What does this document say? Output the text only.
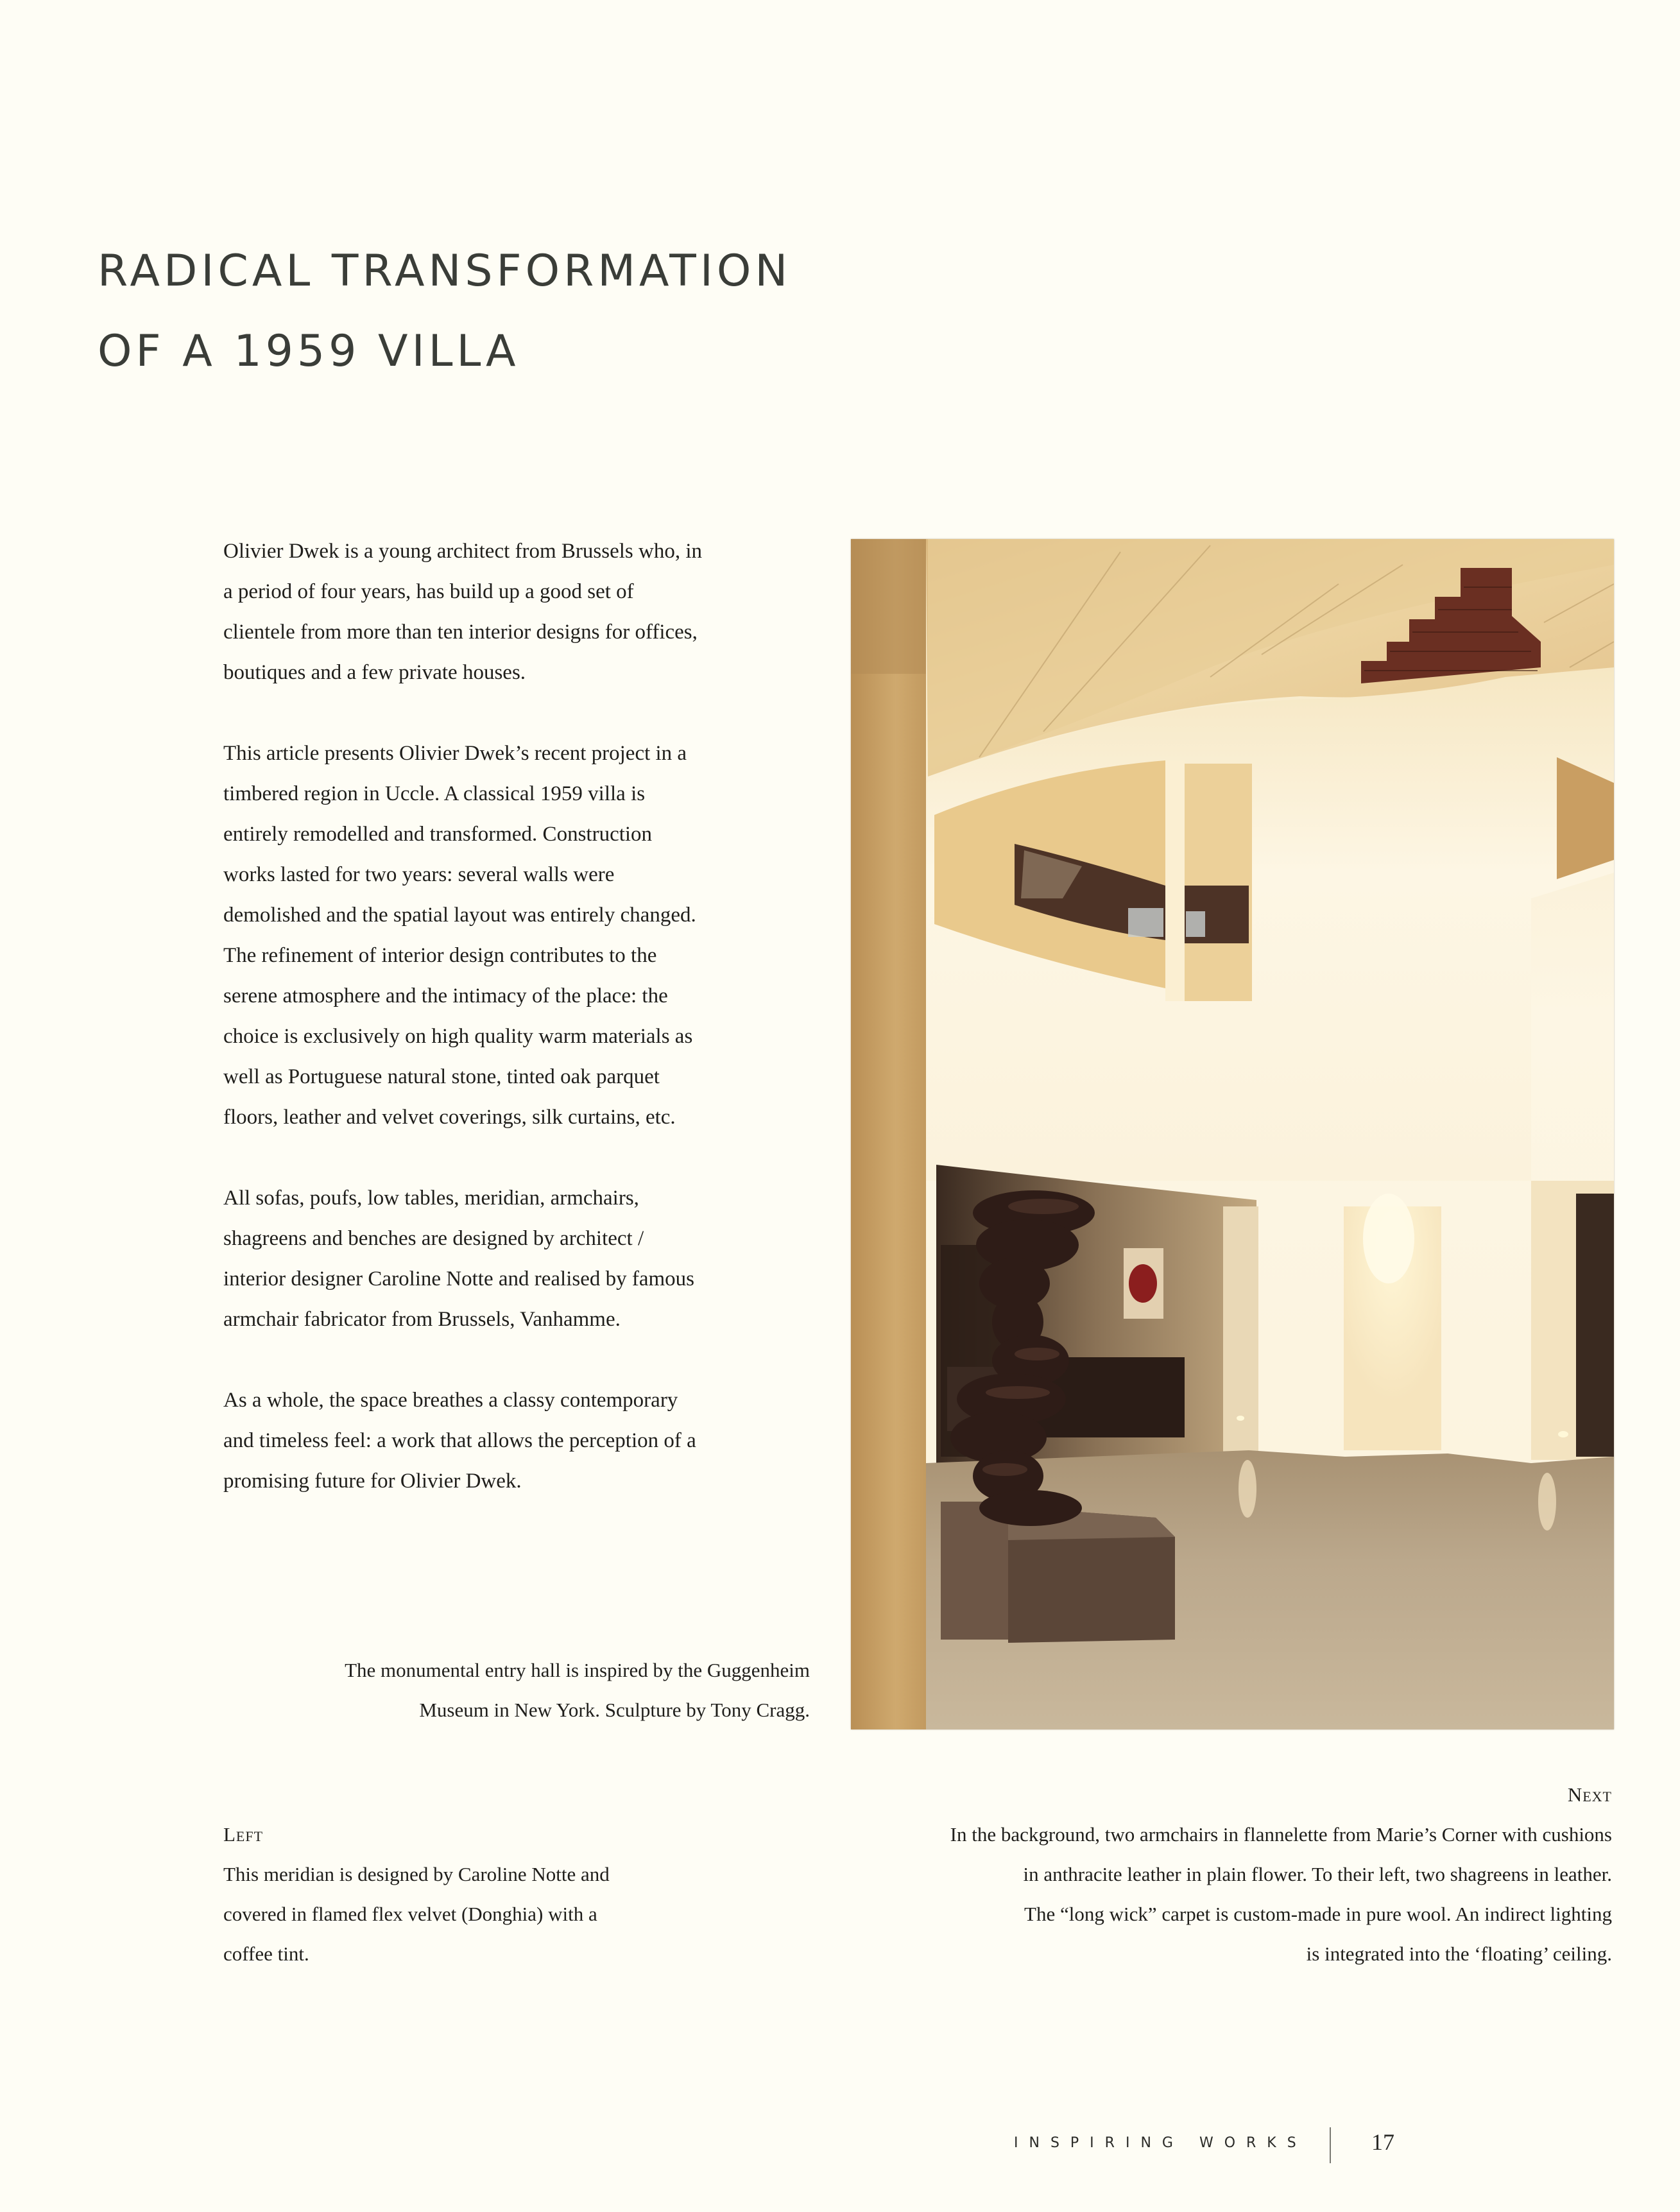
RADICAL TRANSFORMATION
OF A 1959 VILLA

Olivier Dwek is a young architect from Brussels who, in
a period of four years, has build up a good set of
clientele from more than ten interior designs for offices,
boutiques and a few private houses.

This article presents Olivier Dwek’s recent project in a
timbered region in Uccle. A classical 1959 villa is
entirely remodelled and transformed. Construction
works lasted for two years: several walls were
demolished and the spatial layout was entirely changed.
The refinement of interior design contributes to the
serene atmosphere and the intimacy of the place: the
choice is exclusively on high quality warm materials as
well as Portuguese natural stone, tinted oak parquet
floors, leather and velvet coverings, silk curtains, etc.

All sofas, poufs, low tables, meridian, armchairs,
shagreens and benches are designed by architect /
interior designer Caroline Notte and realised by famous
armchair fabricator from Brussels, Vanhamme.

As a whole, the space breathes a classy contemporary
and timeless feel: a work that allows the perception of a
promising future for Olivier Dwek.

The monumental entry hall is inspired by the Guggenheim
Museum in New York. Sculpture by Tony Cragg.
Left
This meridian is designed by Caroline Notte and
covered in flamed flex velvet (Donghia) with a
coffee tint.
Next
In the background, two armchairs in flannelette from Marie’s Corner with cushions
in anthracite leather in plain flower. To their left, two shagreens in leather.
The “long wick” carpet is custom-made in pure wool. An indirect lighting
is integrated into the ‘floating’ ceiling.
INSPIRING WORKS	17
